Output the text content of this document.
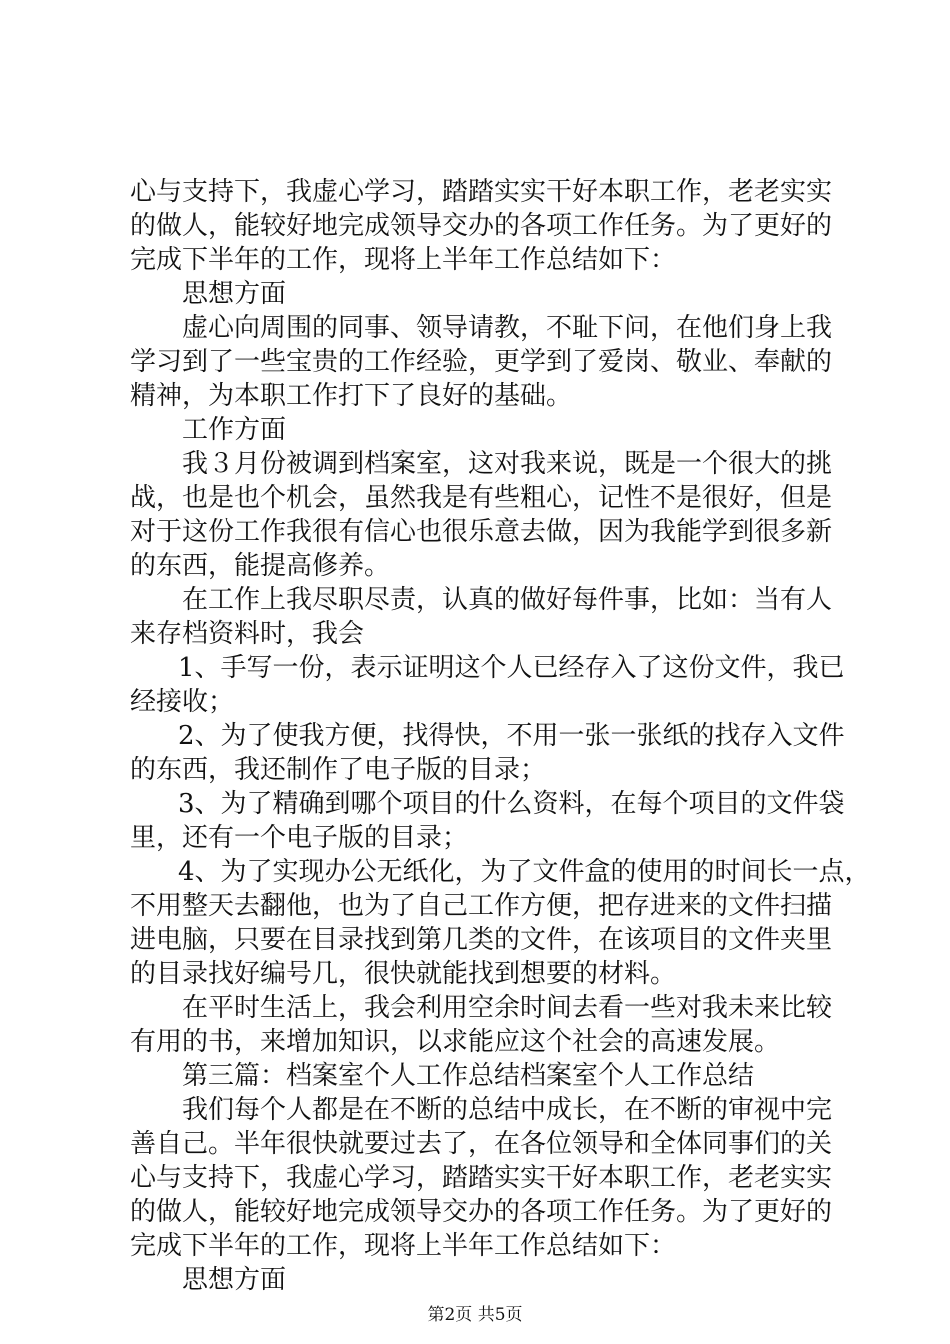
心与支持下，我虚心学习，踏踏实实干好本职工作，老老实实
的做人，能较好地完成领导交办的各项工作任务。为了更好的
完成下半年的工作，现将上半年工作总结如下：
思想方面
虚心向周围的同事、领导请教，不耻下问，在他们身上我
学习到了一些宝贵的工作经验，更学到了爱岗、敬业、奉献的
精神，为本职工作打下了良好的基础。
工作方面
我３月份被调到档案室，这对我来说，既是一个很大的挑
战，也是也个机会，虽然我是有些粗心，记性不是很好，但是
对于这份工作我很有信心也很乐意去做，因为我能学到很多新
的东西，能提高修养。
在工作上我尽职尽责，认真的做好每件事，比如：当有人
来存档资料时，我会
1、手写一份，表示证明这个人已经存入了这份文件，我已
经接收；
2、为了使我方便，找得快，不用一张一张纸的找存入文件
的东西，我还制作了电子版的目录；
3、为了精确到哪个项目的什么资料，在每个项目的文件袋
里，还有一个电子版的目录；
4、为了实现办公无纸化，为了文件盒的使用的时间长一点，
不用整天去翻他，也为了自己工作方便，把存进来的文件扫描
进电脑，只要在目录找到第几类的文件，在该项目的文件夹里
的目录找好编号几，很快就能找到想要的材料。
在平时生活上，我会利用空余时间去看一些对我未来比较
有用的书，来增加知识，以求能应这个社会的高速发展。
第三篇：档案室个人工作总结档案室个人工作总结
我们每个人都是在不断的总结中成长，在不断的审视中完
善自己。半年很快就要过去了，在各位领导和全体同事们的关
心与支持下，我虚心学习，踏踏实实干好本职工作，老老实实
的做人，能较好地完成领导交办的各项工作任务。为了更好的
完成下半年的工作，现将上半年工作总结如下：
思想方面
第2页 共5页
